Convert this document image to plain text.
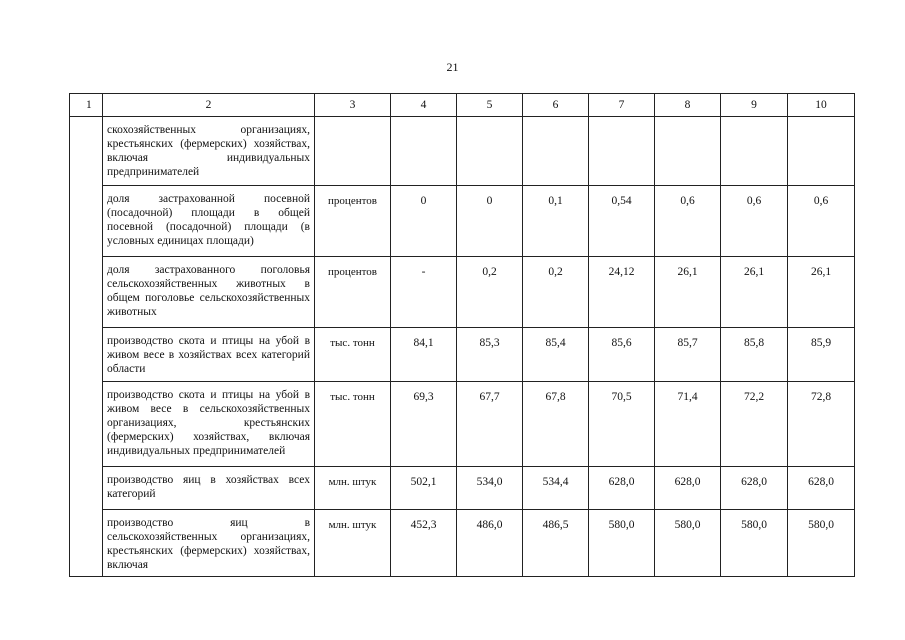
21
1	2	3	4	5	6	7	8	9	10
	скохозяйственных организациях, крестьянских (фермерских) хозяйствах, включая индивидуальных предпринимателей								
	доля застрахованной посевной (посадочной) площади в общей посевной (посадочной) площади (в условных единицах площади)	процентов	0	0	0,1	0,54	0,6	0,6	0,6
	доля застрахованного поголовья сельскохозяйственных животных в общем поголовье сельскохозяйственных животных	процентов	-	0,2	0,2	24,12	26,1	26,1	26,1
	производство скота и птицы на убой в живом весе в хозяйствах всех категорий области	тыс. тонн	84,1	85,3	85,4	85,6	85,7	85,8	85,9
	производство скота и птицы на убой в живом весе в сельскохозяйственных организациях, крестьянских (фермерских) хозяйствах, включая индивидуальных предпринимателей	тыс. тонн	69,3	67,7	67,8	70,5	71,4	72,2	72,8
	производство яиц в хозяйствах всех категорий	млн. штук	502,1	534,0	534,4	628,0	628,0	628,0	628,0
	производство яиц в сельскохозяйственных организациях, крестьянских (фермерских) хозяйствах, включая	млн. штук	452,3	486,0	486,5	580,0	580,0	580,0	580,0
